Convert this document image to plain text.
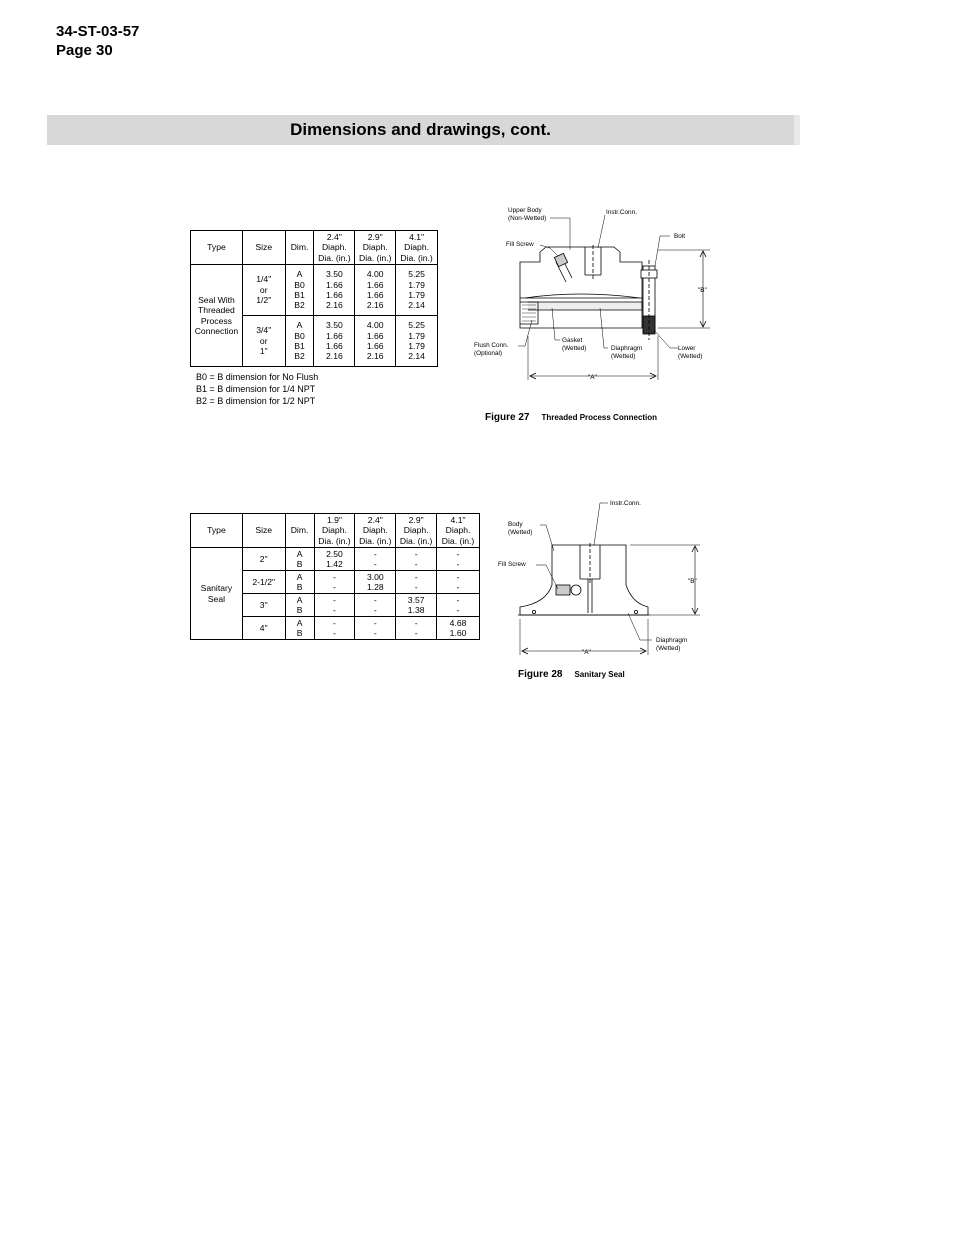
34-ST-03-57
Page 30
Dimensions and drawings, cont.
Type	Size	Dim.	2.4"
Diaph.
Dia. (in.)	2.9"
Diaph.
Dia. (in.)	4.1"
Diaph.
Dia. (in.)
Seal With
Threaded
Process
Connection	1/4"
or
1/2"	A
B0
B1
B2	3.50
1.66
1.66
2.16	4.00
1.66
1.66
2.16	5.25
1.79
1.79
2.14
	3/4"
or
1"	A
B0
B1
B2	3.50
1.66
1.66
2.16	4.00
1.66
1.66
2.16	5.25
1.79
1.79
2.14
B0 = B dimension for No Flush
B1 = B dimension for 1/4 NPT
B2 = B dimension for 1/2 NPT
Upper Body
(Non-Wetted)
Instr.Conn.
Bolt
Fill Screw
"B"
Flush Conn.
(Optional)
Gasket
(Wetted)	Diaphragm
(Wetted)
Lower
(Wetted)
"A"
Figure 27 Threaded Process Connection
Type	Size	Dim.	1.9"
Diaph.
Dia. (in.)	2.4"
Diaph.
Dia. (in.)	2.9"
Diaph.
Dia. (in.)	4.1"
Diaph.
Dia. (in.)
Sanitary
Seal	2"	A
B	2.50
1.42	-
-	-
-	-
-
	2-1/2"	A
B	-
-	3.00
1.28	-
-	-
-
	3"	A
B	-
-	-
-	3.57
1.38	-
-
	4"	A
B	-
-	-
-	-
-	4.68
1.60
Instr.Conn.
Body
(Wetted)
Fill Screw
"B"
Diaphragm
(Wetted)
"A"
Figure 28 Sanitary Seal
